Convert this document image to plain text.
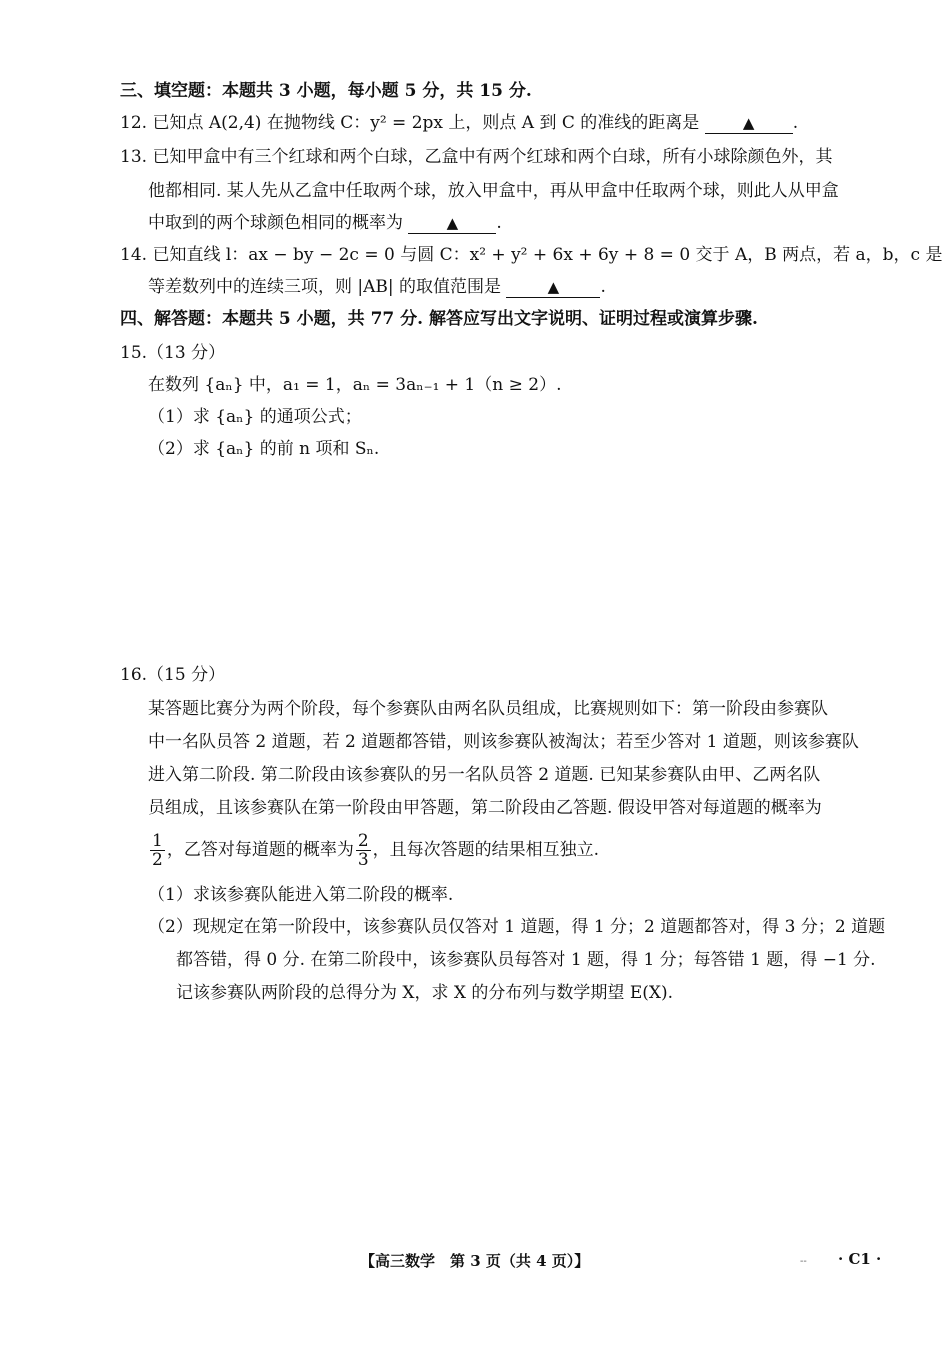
三、填空题：本题共 3 小题，每小题 5 分，共 15 分.
12. 已知点 A(2,4) 在抛物线 C：y² = 2px 上，则点 A 到 C 的准线的距离是	▲ .
13. 已知甲盒中有三个红球和两个白球，乙盒中有两个红球和两个白球，所有小球除颜色外，其
他都相同. 某人先从乙盒中任取两个球，放入甲盒中，再从甲盒中任取两个球，则此人从甲盒
中取到的两个球颜色相同的概率为	▲ .
14. 已知直线 l：ax − by − 2c = 0 与圆 C：x² + y² + 6x + 6y + 8 = 0 交于 A，B 两点，若 a，b，c 是
等差数列中的连续三项，则 |AB| 的取值范围是	▲ .
四、解答题：本题共 5 小题，共 77 分. 解答应写出文字说明、证明过程或演算步骤.
15.（13 分）
在数列 {aₙ} 中，a₁ = 1，aₙ = 3aₙ₋₁ + 1（n ≥ 2）.
（1）求 {aₙ} 的通项公式；
（2）求 {aₙ} 的前 n 项和 Sₙ.
16.（15 分）
某答题比赛分为两个阶段，每个参赛队由两名队员组成，比赛规则如下：第一阶段由参赛队
中一名队员答 2 道题，若 2 道题都答错，则该参赛队被淘汰；若至少答对 1 道题，则该参赛队
进入第二阶段. 第二阶段由该参赛队的另一名队员答 2 道题. 已知某参赛队由甲、乙两名队
员组成，且该参赛队在第一阶段由甲答题，第二阶段由乙答题. 假设甲答对每道题的概率为
$\frac{1}{2}$ ，乙答对每道题的概率为 $\frac{2}{3}$ ，且每次答题的结果相互独立.
（1）求该参赛队能进入第二阶段的概率.
（2）现规定在第一阶段中，该参赛队员仅答对 1 道题，得 1 分；2 道题都答对，得 3 分；2 道题
都答错，得 0 分. 在第二阶段中，该参赛队员每答对 1 题，得 1 分；每答错 1 题，得 −1 分.
记该参赛队两阶段的总得分为 X，求 X 的分布列与数学期望 E(X).
【高三数学　第 3 页（共 4 页）】	-- · C1 ·
